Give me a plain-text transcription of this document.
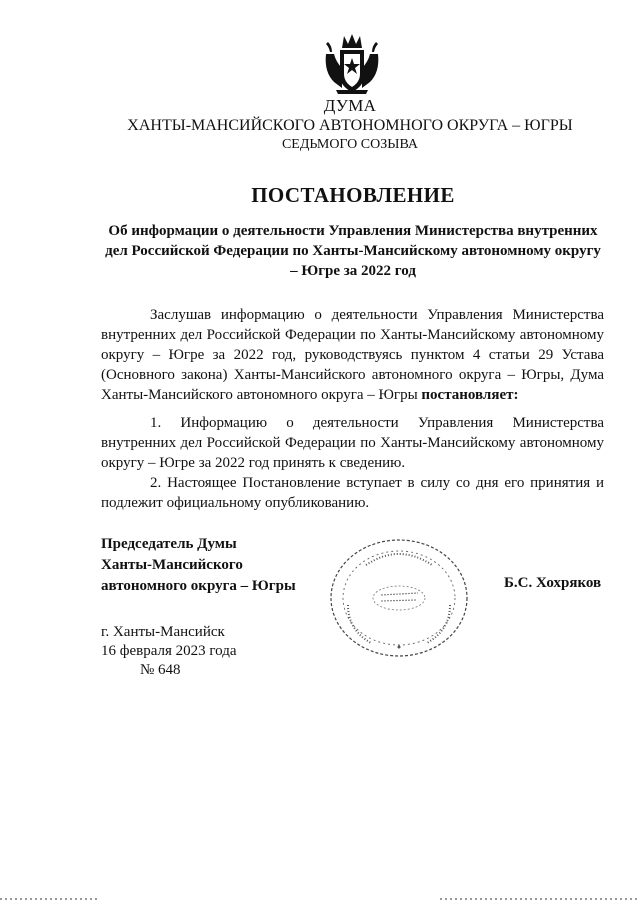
ДУМА
ХАНТЫ-МАНСИЙСКОГО АВТОНОМНОГО ОКРУГА – ЮГРЫ
СЕДЬМОГО СОЗЫВА
ПОСТАНОВЛЕНИЕ
Об информации о деятельности Управления Министерства внутренних дел Российской Федерации по Ханты-Мансийскому автономному округу – Югре за 2022 год
Заслушав информацию о деятельности Управления Министерства внутренних дел Российской Федерации по Ханты-Мансийскому автономному округу – Югре за 2022 год, руководствуясь пунктом 4 статьи 29 Устава (Основного закона) Ханты-Мансийского автономного округа – Югры, Дума Ханты-Мансийского автономного округа – Югры постановляет:
1. Информацию о деятельности Управления Министерства внутренних дел Российской Федерации по Ханты-Мансийскому автономному округу – Югре за 2022 год принять к сведению.
2. Настоящее Постановление вступает в силу со дня его принятия и подлежит официальному опубликованию.
Председатель Думы
Ханты-Мансийского
автономного округа – Югры	Б.С. Хохряков
г. Ханты-Мансийск
16 февраля 2023 года
№ 648
